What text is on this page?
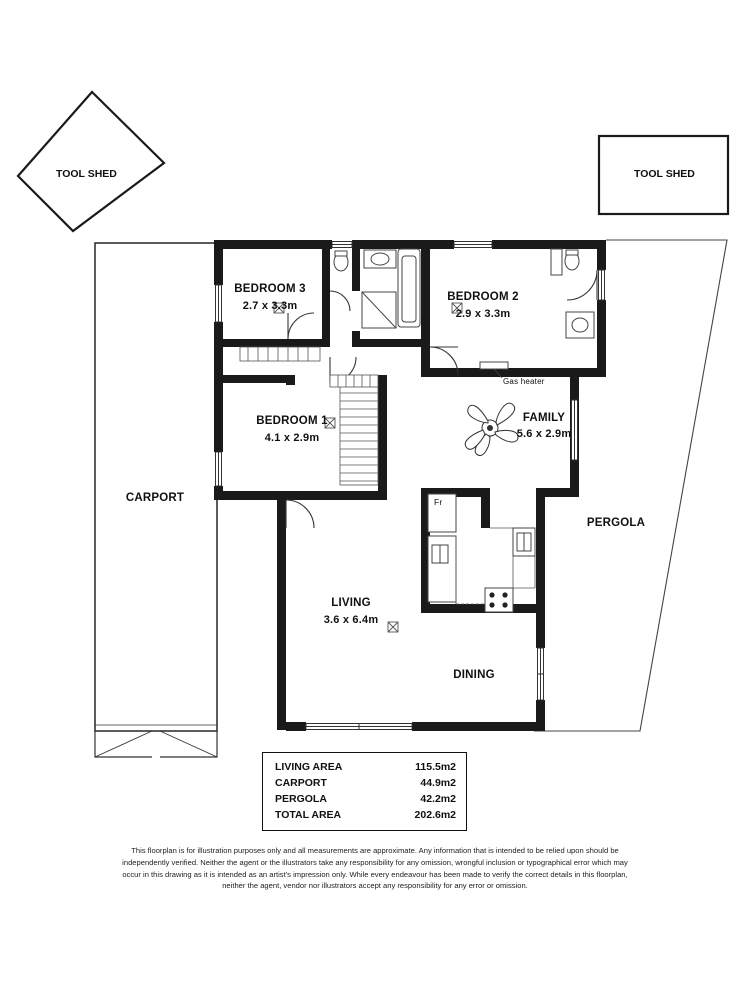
TOOL SHED	TOOL SHED
BEDROOM 3
2.7 x 3.3m
BEDROOM 2
2.9 x 3.3m
BEDROOM 1
4.1 x 2.9m
FAMILY
5.6 x 2.9m
LIVING
3.6 x 6.4m
DINING
CARPORT
PERGOLA
Gas heater
Fr
LIVING AREA	115.5m2
CARPORT	44.9m2
PERGOLA	42.2m2
TOTAL AREA	202.6m2
This floorplan is for illustration purposes only and all measurements are approximate. Any information that is intended to be relied upon should be independently verified. Neither the agent or the illustrators take any responsibility for any omission, wrongful inclusion or typographical error which may occur in this drawing as it is intended as an artist's impression only. While every endeavour has been made to verify the correct details in this floorplan, neither the agent, vendor nor illustrators accept any responsibility for any error or omission.
